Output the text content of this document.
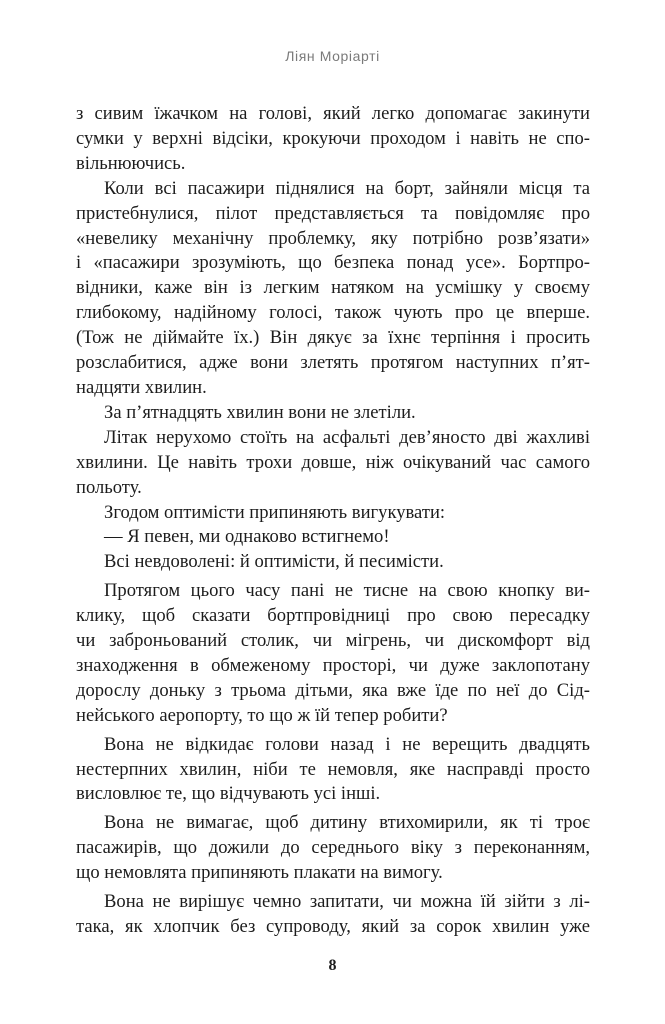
Ліян Моріарті
з сивим їжачком на голові, який легко допомагає закинути
сумки у верхні відсіки, крокуючи проходом і навіть не спо-
вільнюючись.
Коли всі пасажири піднялися на борт, зайняли місця та
пристебнулися, пілот представляється та повідомляє про
«невелику механічну проблемку, яку потрібно розв’язати»
і «пасажири зрозуміють, що безпека понад усе». Бортпро-
відники, каже він із легким натяком на усмішку у своєму
глибокому, надійному голосі, також чують про це вперше.
(Тож не діймайте їх.) Він дякує за їхнє терпіння і просить
розслабитися, адже вони злетять протягом наступних п’ят-
надцяти хвилин.
За п’ятнадцять хвилин вони не злетіли.
Літак нерухомо стоїть на асфальті дев’яносто дві жахливі
хвилини. Це навіть трохи довше, ніж очікуваний час самого
польоту.
Згодом оптимісти припиняють вигукувати:
— Я певен, ми однаково встигнемо!
Всі невдоволені: й оптимісти, й песимісти.
Протягом цього часу пані не тисне на свою кнопку ви-
клику, щоб сказати бортпровідниці про свою пересадку
чи заброньований столик, чи мігрень, чи дискомфорт від
знаходження в обмеженому просторі, чи дуже заклопотану
дорослу доньку з трьома дітьми, яка вже їде по неї до Сід-
нейського аеропорту, то що ж їй тепер робити?
Вона не відкидає голови назад і не верещить двадцять
нестерпних хвилин, ніби те немовля, яке насправді просто
висловлює те, що відчувають усі інші.
Вона не вимагає, щоб дитину втихомирили, як ті троє
пасажирів, що дожили до середнього віку з переконанням,
що немовлята припиняють плакати на вимогу.
Вона не вирішує чемно запитати, чи можна їй зійти з лі-
така, як хлопчик без супроводу, який за сорок хвилин уже
8
